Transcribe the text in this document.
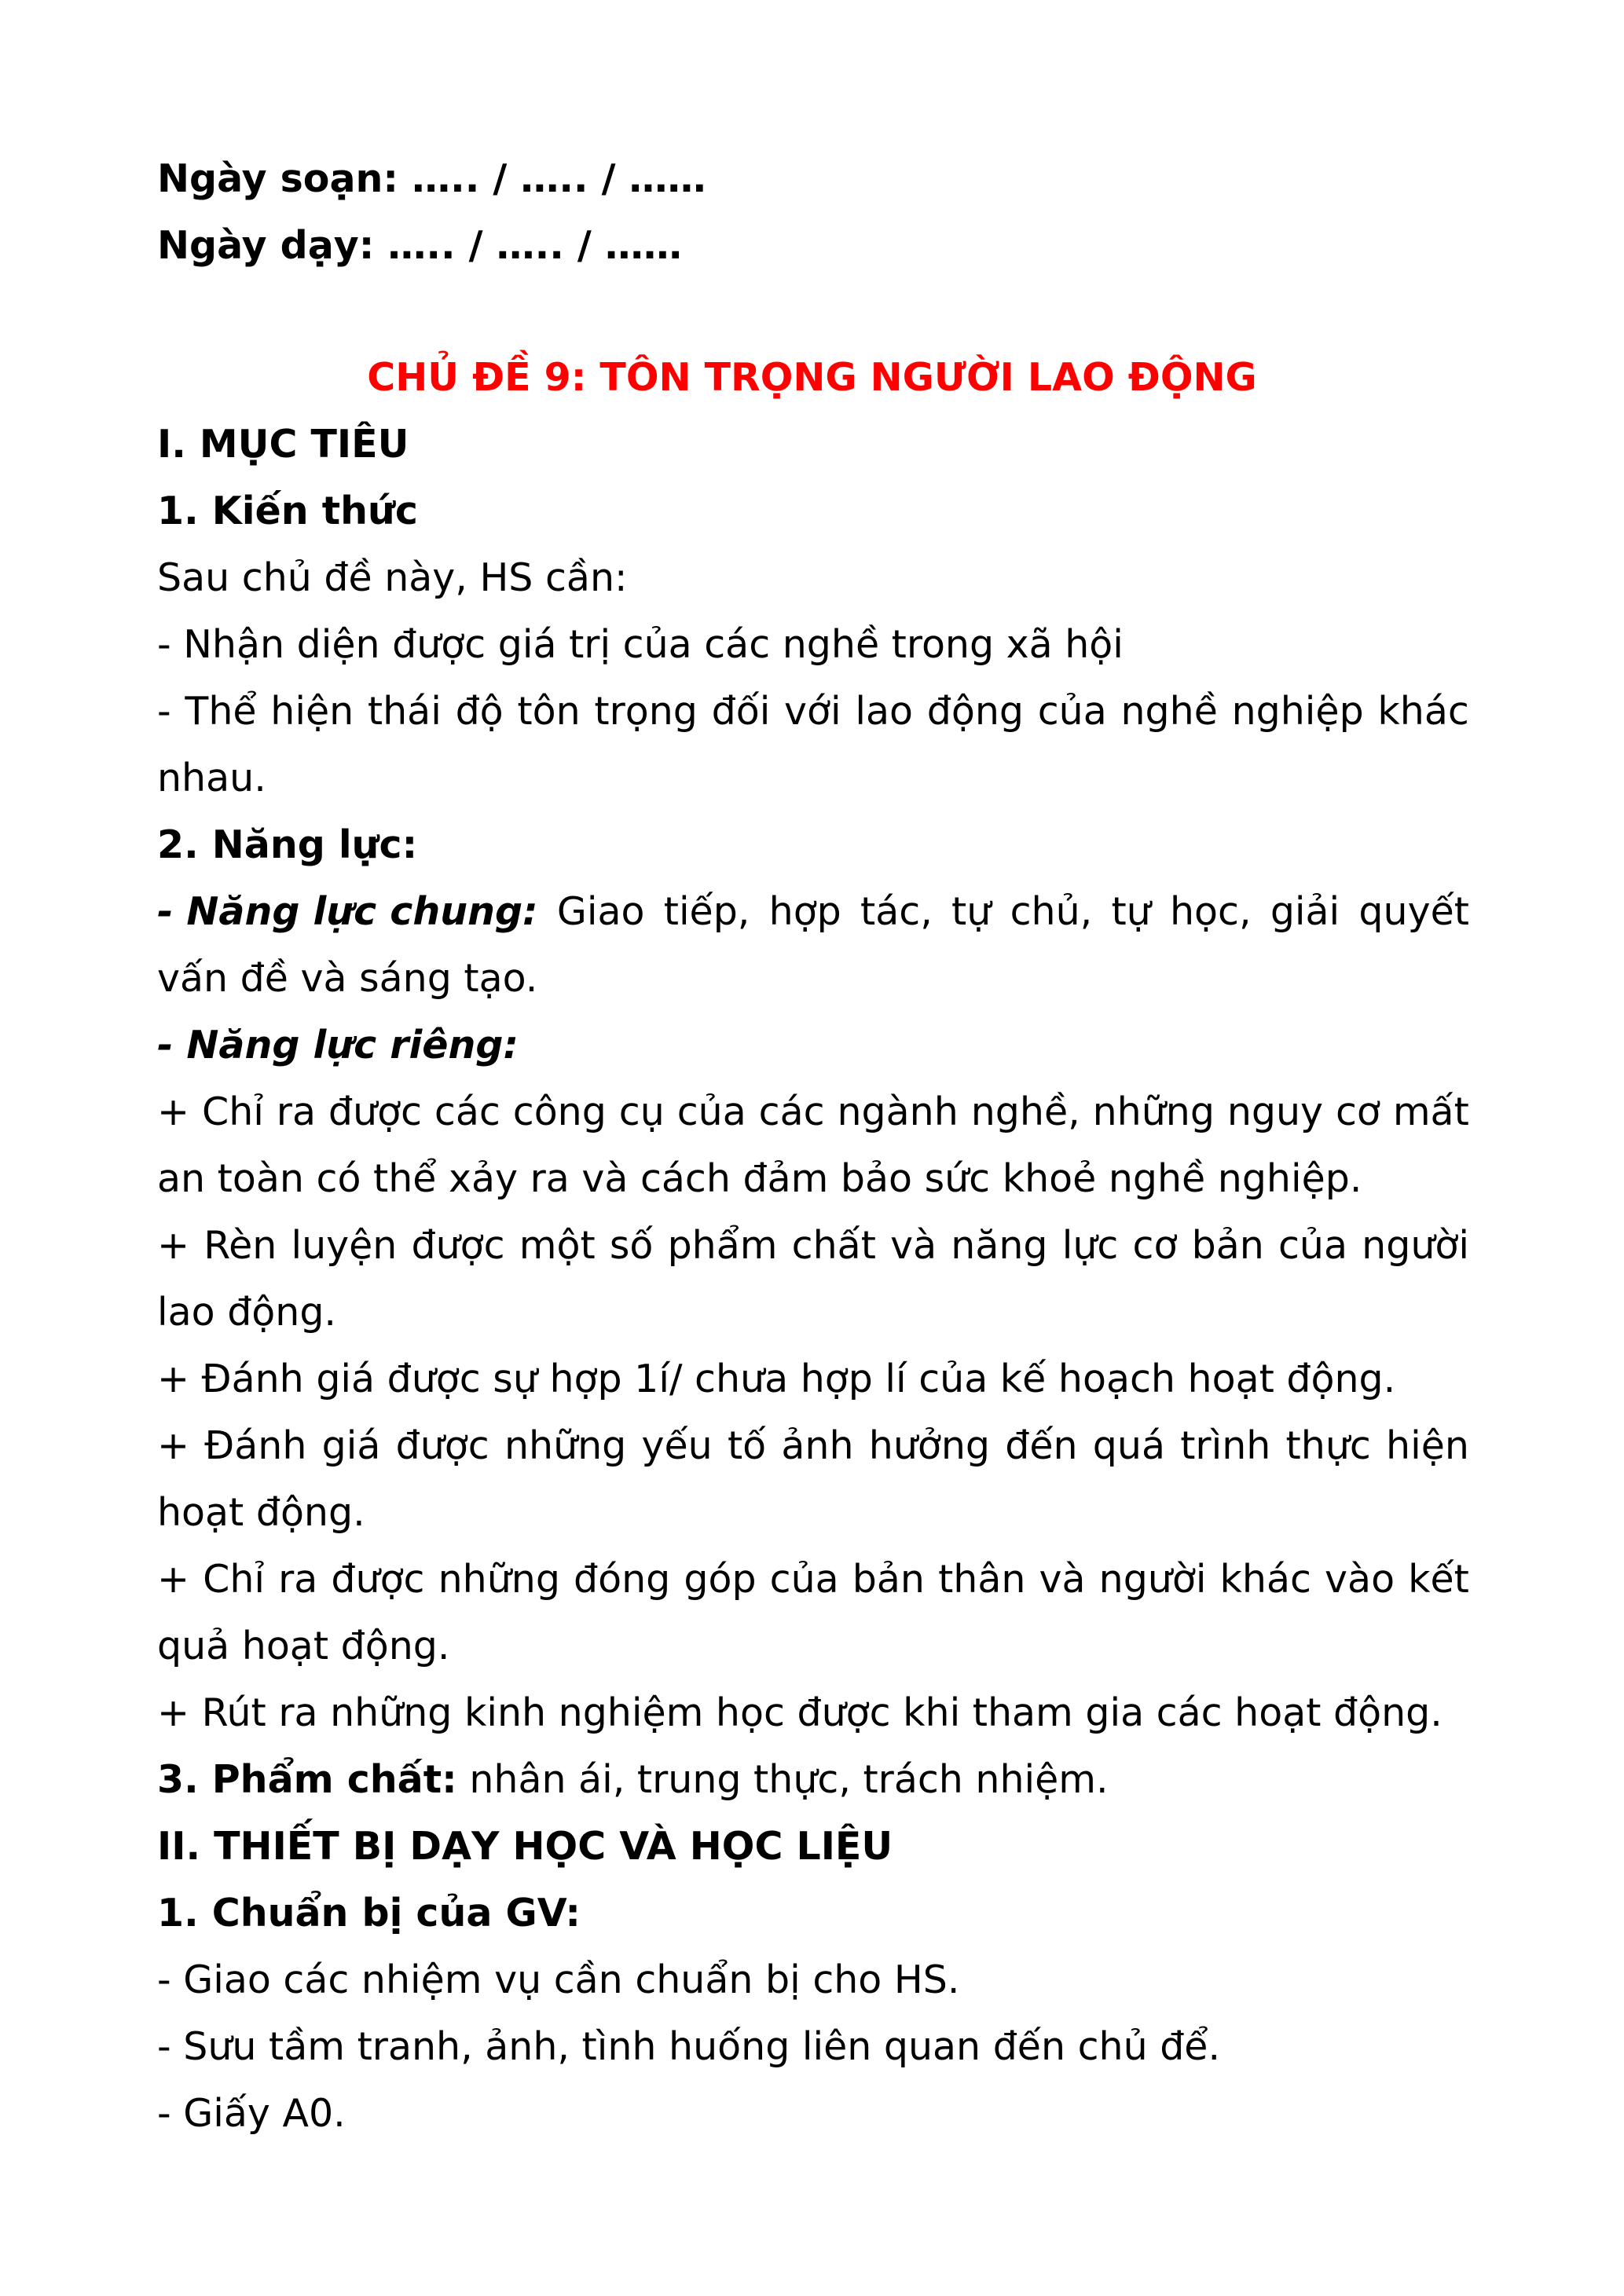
Ngày soạn: ….. / ….. / ……
Ngày dạy: ….. / ….. / ……
CHỦ ĐỀ 9: TÔN TRỌNG NGƯỜI LAO ĐỘNG
I. MỤC TIÊU
1. Kiến thức
Sau chủ đề này, HS cần:
- Nhận diện được giá trị của các nghề trong xã hội
- Thể hiện thái độ tôn trọng đối với lao động của nghề nghiệp khác
nhau.
2. Năng lực:
- Năng lực chung: Giao tiếp, hợp tác, tự chủ, tự học, giải quyết
vấn đề và sáng tạo.
- Năng lực riêng:
+ Chỉ ra được các công cụ của các ngành nghề, những nguy cơ mất
an toàn có thể xảy ra và cách đảm bảo sức khoẻ nghề nghiệp.
+ Rèn luyện được một số phẩm chất và năng lực cơ bản của người
lao động.
+ Đánh giá được sự hợp 1í/ chưa hợp lí của kế hoạch hoạt động.
+ Đánh giá được những yếu tố ảnh hưởng đến quá trình thực hiện
hoạt động.
+ Chỉ ra được những đóng góp của bản thân và người khác vào kết
quả hoạt động.
+ Rút ra những kinh nghiệm học được khi tham gia các hoạt động.
3. Phẩm chất: nhân ái, trung thực, trách nhiệm.
II. THIẾT BỊ DẠY HỌC VÀ HỌC LIỆU
1. Chuẩn bị của GV:
- Giao các nhiệm vụ cần chuẩn bị cho HS.
- Sưu tầm tranh, ảnh, tình huống liên quan đến chủ để.
- Giấy A0.
